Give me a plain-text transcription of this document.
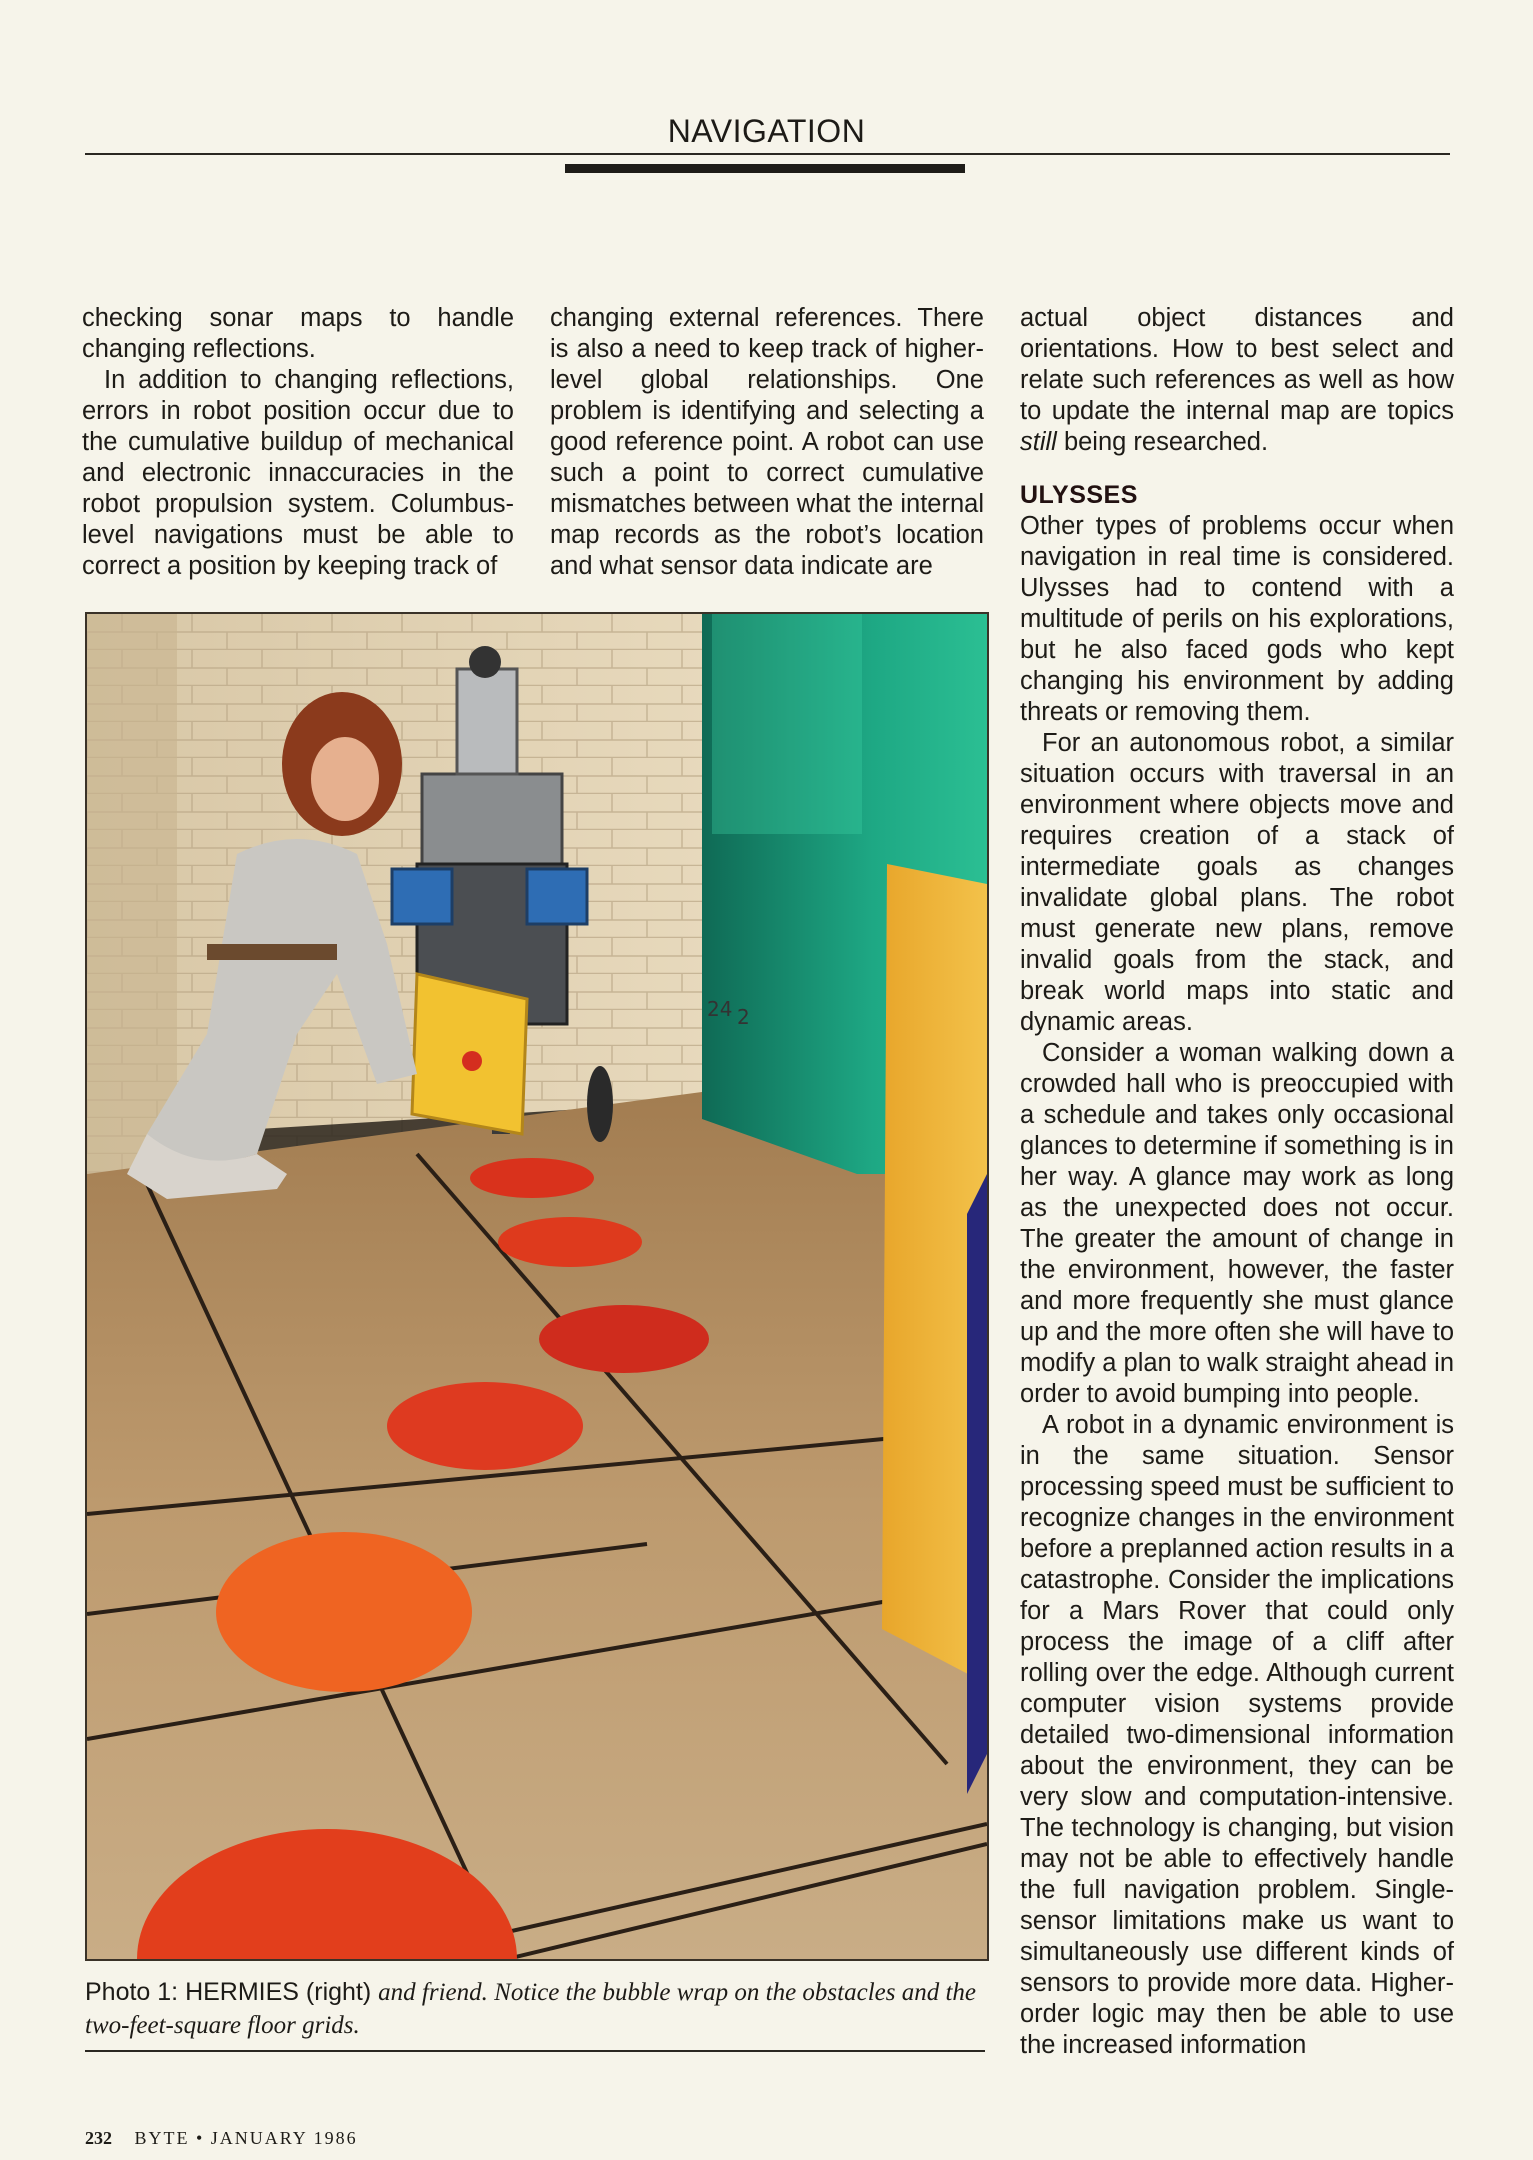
NAVIGATION

checking sonar maps to handle changing reflections.

In addition to changing reflections, errors in robot position occur due to the cumulative buildup of mechanical and electronic innaccuracies in the robot propulsion system. Columbus-level navigations must be able to correct a position by keeping track of

changing external references. There is also a need to keep track of higher-level global relationships. One problem is identifying and selecting a good reference point. A robot can use such a point to correct cumulative mismatches between what the internal map records as the robot’s location and what sensor data indicate are

actual object distances and orientations. How to best select and relate such references as well as how to update the internal map are topics still being researched.

ULYSSES

Other types of problems occur when navigation in real time is considered. Ulysses had to contend with a multitude of perils on his explorations, but he also faced gods who kept changing his environment by adding threats or removing them.

For an autonomous robot, a similar situation occurs with traversal in an environment where objects move and requires creation of a stack of intermediate goals as changes invalidate global plans. The robot must generate new plans, remove invalid goals from the stack, and break world maps into static and dynamic areas.

Consider a woman walking down a crowded hall who is preoccupied with a schedule and takes only occasional glances to determine if something is in her way. A glance may work as long as the unexpected does not occur. The greater the amount of change in the environment, however, the faster and more frequently she must glance up and the more often she will have to modify a plan to walk straight ahead in order to avoid bumping into people.

A robot in a dynamic environment is in the same situation. Sensor processing speed must be sufficient to recognize changes in the environment before a preplanned action results in a catastrophe. Consider the implications for a Mars Rover that could only process the image of a cliff after rolling over the edge. Although current computer vision systems provide detailed two-dimensional information about the environment, they can be very slow and computation-intensive. The technology is changing, but vision may not be able to effectively handle the full navigation problem. Single-sensor limitations make us want to simultaneously use different kinds of sensors to provide more data. Higher-order logic may then be able to use the increased information

24 2
Photo 1: HERMIES (right) and friend. Notice the bubble wrap on the obstacles and the two-feet-square floor grids.
232 BYTE • JANUARY 1986
